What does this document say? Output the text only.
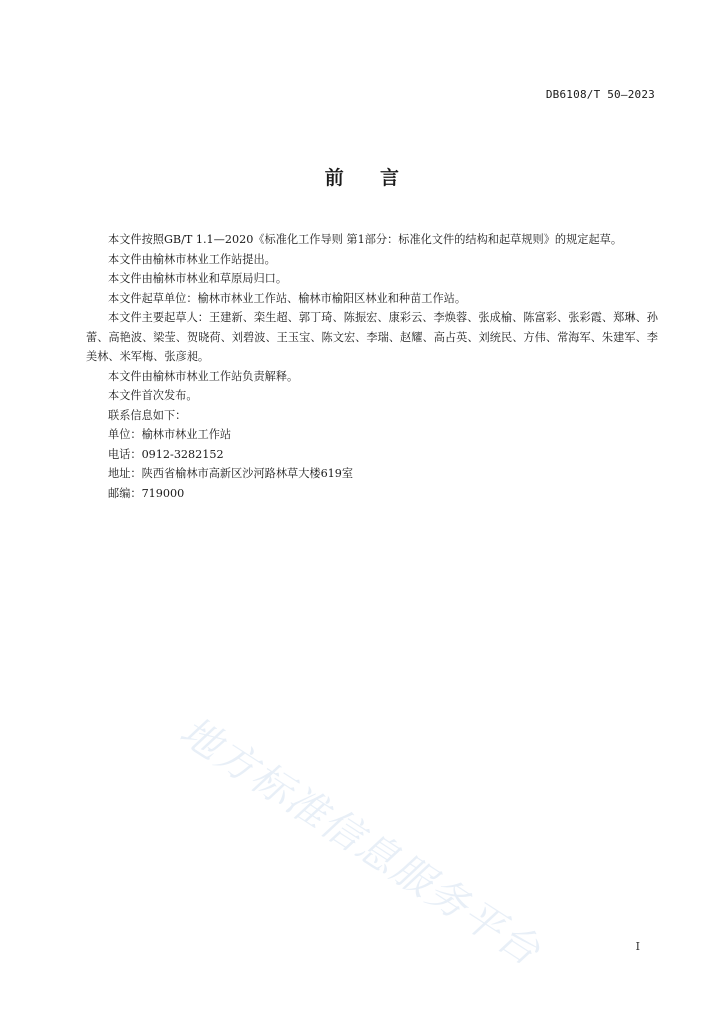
DB6108/T 50—2023
前 言

本文件按照GB/T 1.1—2020《标准化工作导则 第1部分：标准化文件的结构和起草规则》的规定起草。

本文件由榆林市林业工作站提出。

本文件由榆林市林业和草原局归口。

本文件起草单位：榆林市林业工作站、榆林市榆阳区林业和种苗工作站。

本文件主要起草人：王建新、栾生超、郭丁琦、陈振宏、康彩云、李焕蓉、张成榆、陈富彩、张彩霞、郑琳、孙蕾、高艳波、梁莹、贺晓荷、刘碧波、王玉宝、陈文宏、李瑞、赵耀、高占英、刘统民、方伟、常海军、朱建军、李美林、米军梅、张彦昶。

本文件由榆林市林业工作站负责解释。

本文件首次发布。

联系信息如下：

单位：榆林市林业工作站

电话：0912-3282152

地址：陕西省榆林市高新区沙河路林草大楼619室

邮编：719000

地方标准信息服务平台	I
